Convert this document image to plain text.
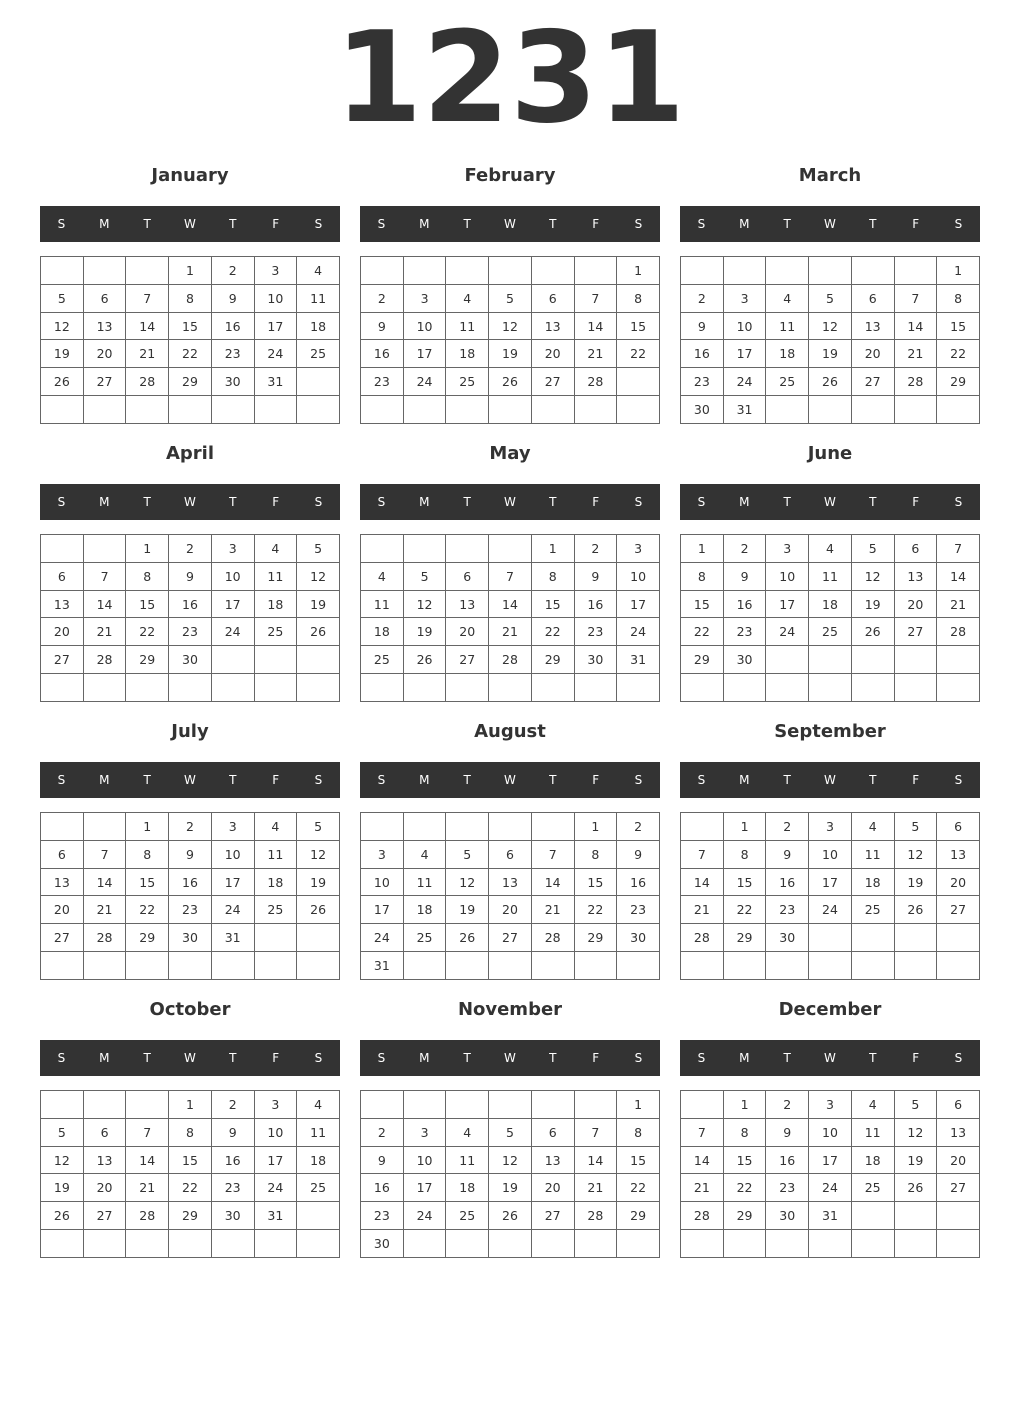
1231
January
S	M	T	W	T	F	S
			1	2	3	4
5	6	7	8	9	10	11
12	13	14	15	16	17	18
19	20	21	22	23	24	25
26	27	28	29	30	31	

February
S	M	T	W	T	F	S
						1
2	3	4	5	6	7	8
9	10	11	12	13	14	15
16	17	18	19	20	21	22
23	24	25	26	27	28	

March
S	M	T	W	T	F	S
						1
2	3	4	5	6	7	8
9	10	11	12	13	14	15
16	17	18	19	20	21	22
23	24	25	26	27	28	29
30	31					
April
S	M	T	W	T	F	S
		1	2	3	4	5
6	7	8	9	10	11	12
13	14	15	16	17	18	19
20	21	22	23	24	25	26
27	28	29	30			

May
S	M	T	W	T	F	S
				1	2	3
4	5	6	7	8	9	10
11	12	13	14	15	16	17
18	19	20	21	22	23	24
25	26	27	28	29	30	31

June
S	M	T	W	T	F	S
1	2	3	4	5	6	7
8	9	10	11	12	13	14
15	16	17	18	19	20	21
22	23	24	25	26	27	28
29	30					

July
S	M	T	W	T	F	S
		1	2	3	4	5
6	7	8	9	10	11	12
13	14	15	16	17	18	19
20	21	22	23	24	25	26
27	28	29	30	31		

August
S	M	T	W	T	F	S
					1	2
3	4	5	6	7	8	9
10	11	12	13	14	15	16
17	18	19	20	21	22	23
24	25	26	27	28	29	30
31						
September
S	M	T	W	T	F	S
	1	2	3	4	5	6
7	8	9	10	11	12	13
14	15	16	17	18	19	20
21	22	23	24	25	26	27
28	29	30				

October
S	M	T	W	T	F	S
			1	2	3	4
5	6	7	8	9	10	11
12	13	14	15	16	17	18
19	20	21	22	23	24	25
26	27	28	29	30	31	

November
S	M	T	W	T	F	S
						1
2	3	4	5	6	7	8
9	10	11	12	13	14	15
16	17	18	19	20	21	22
23	24	25	26	27	28	29
30						
December
S	M	T	W	T	F	S
	1	2	3	4	5	6
7	8	9	10	11	12	13
14	15	16	17	18	19	20
21	22	23	24	25	26	27
28	29	30	31			
